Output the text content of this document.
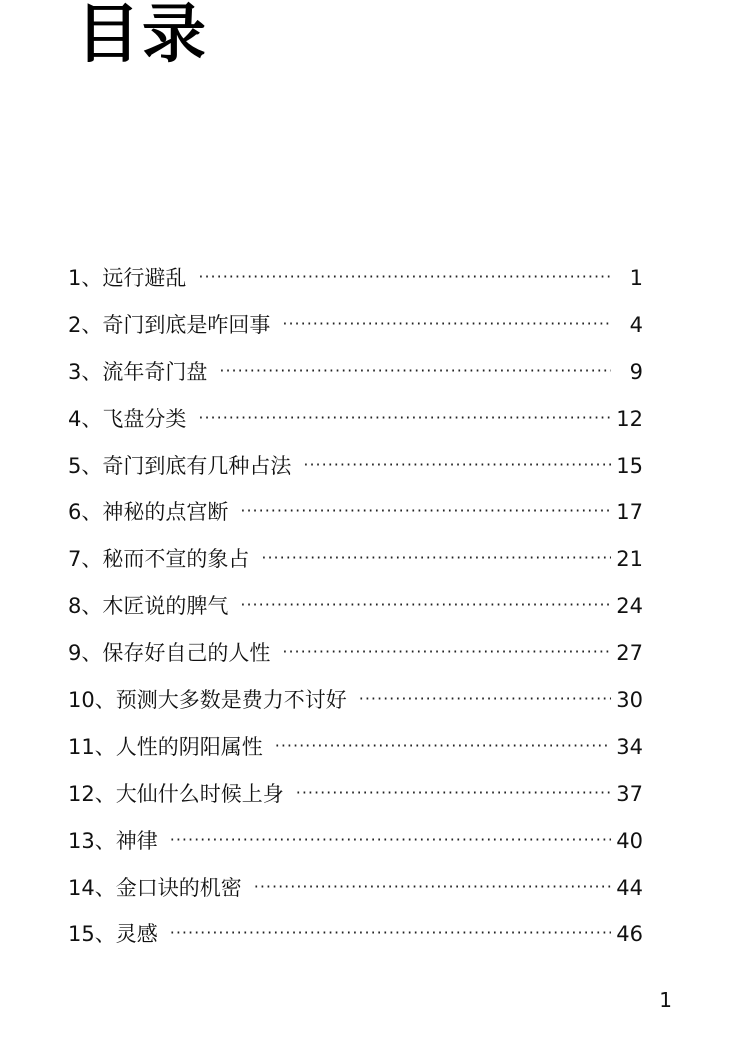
目录
1、 远行避乱 ·····	1
2、 奇门到底是咋回事 ·····	4
3、 流年奇门盘 ·····	9
4、 飞盘分类 ·····	12
5、 奇门到底有几种占法 ·····	15
6、 神秘的点宫断 ·····	17
7、 秘而不宣的象占 ·····	21
8、 木匠说的脾气 ·····	24
9、 保存好自己的人性 ·····	27
10、 预测大多数是费力不讨好 ·····	30
11、 人性的阴阳属性 ·····	34
12、 大仙什么时候上身 ·····	37
13、 神律 ·····	40
14、 金口诀的机密 ·····	44
15、 灵感 ·····	46
1
